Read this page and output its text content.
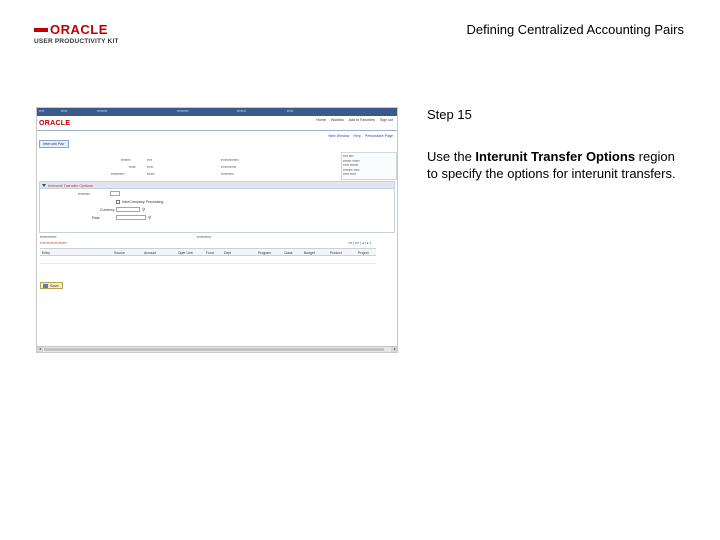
ORACLE
USER PRODUCTIVITY KIT
Defining Centralized Accounting Pairs
▪▪▪▪	▪▪▪▪▪	▪▪▪▪▪▪▪▪	▪▪▪▪▪▪▪▪▪	▪▪▪▪▪▪▪	▪▪▪▪▪
ORACLE	Home Worklist Add to Favorites Sign out
New Window Help Personalize Page
Interunit Pair
▪▪▪▪▪▪▪:	▪▪▪▪
▪▪▪▪▪:	▪▪▪▪▪
▪▪▪▪▪▪▪▪▪▪:	▪▪▪▪▪▪
▪▪▪▪▪▪▪▪▪▪▪▪▪▪
▪▪▪▪▪▪▪▪▪▪▪▪
▪▪▪▪▪▪▪▪▪▪
▪▪▪▪ ▪▪▪▪
▪▪▪▪▪▪▪ ▪▪▪▪▪▪
▪▪▪▪▪ ▪▪▪▪▪▪▪
▪▪▪▪▪▪▪▪ ▪▪▪▪▪
▪▪▪▪▪ ▪▪▪▪▪
Interunit Transfer Options
▪▪▪▪▪▪▪▪▪:
InterCompany Processing
Currency	⚲
Rate	⚲
▪▪▪▪▪▪▪▪▪▪▪▪▪	▪▪▪▪▪▪▪▪▪▪▪
▪▪▪▪▪▪▪▪▪▪▪▪▪▪▪▪▪▪▪▪	▪▪▪ | ▪▪▪ | ◂ ▪ ▸ ▪
Entry	Source	Account	Oper Unit	Fund	Dept	Program	Class	Budget	Product	Project
Save
Step 15
Use the Interunit Transfer Options region to specify the options for interunit transfers.
